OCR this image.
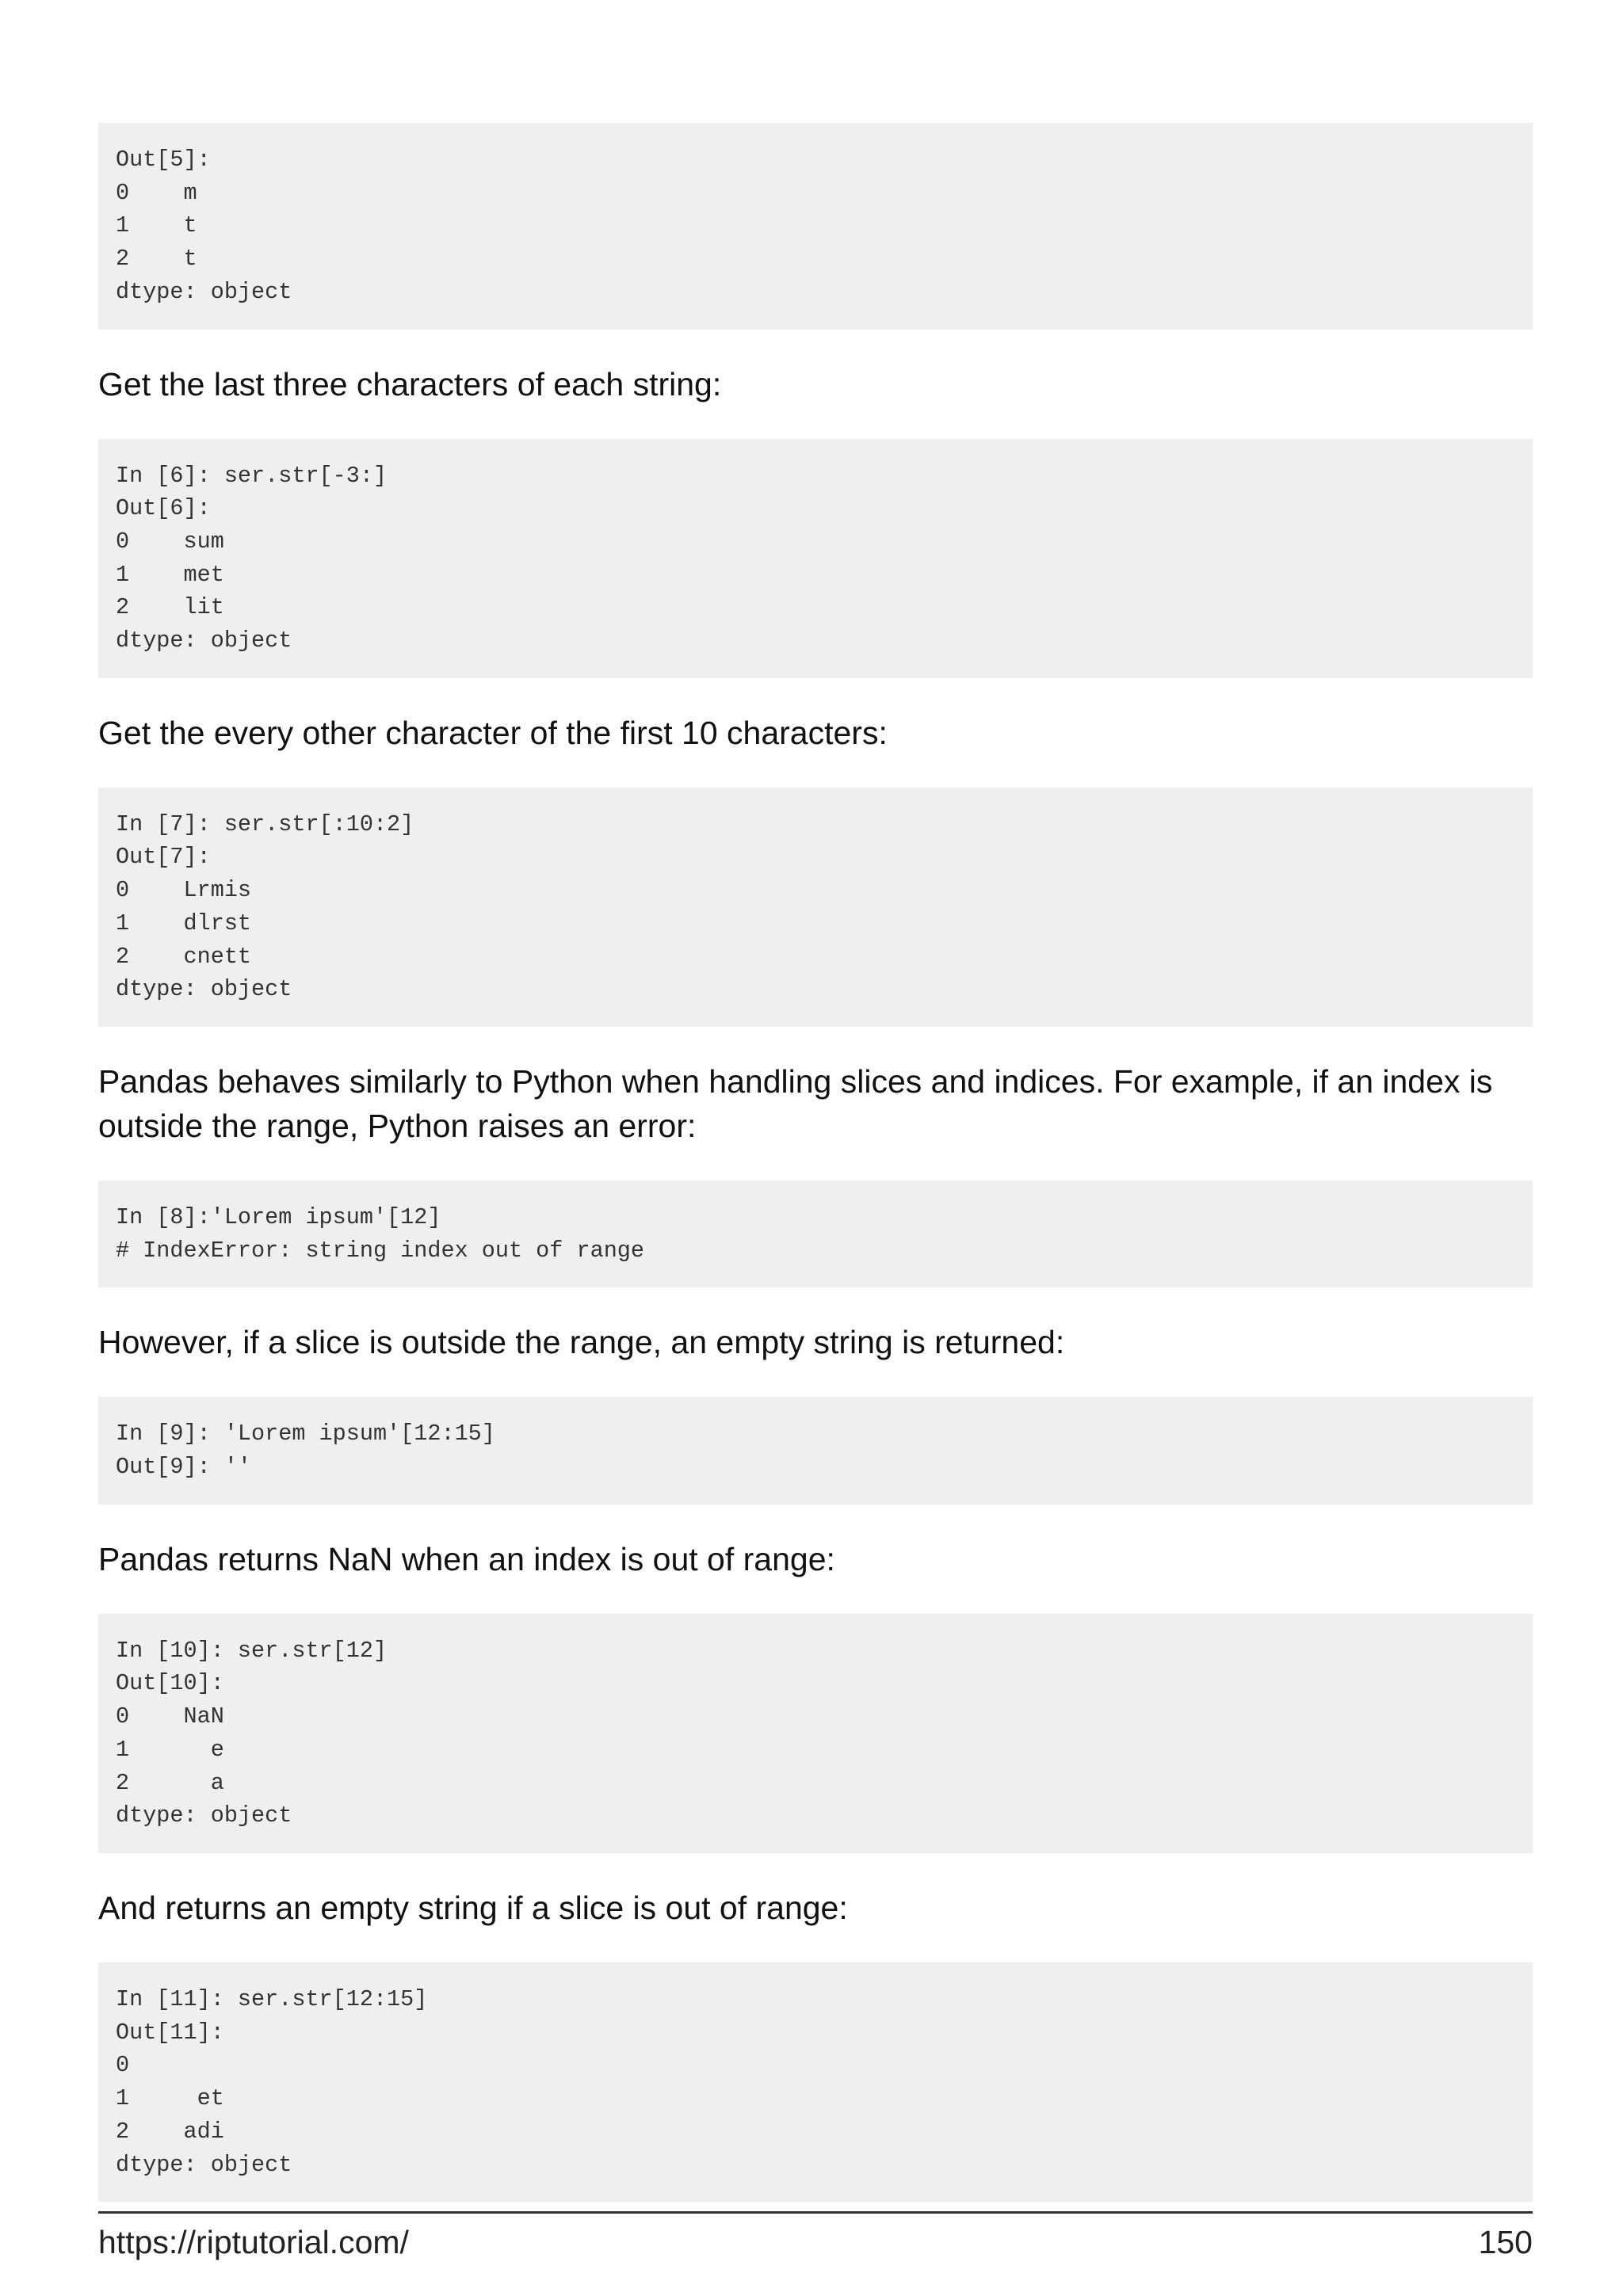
Out[5]:
0    m
1    t
2    t
dtype: object

Get the last three characters of each string:

In [6]: ser.str[-3:]
Out[6]:
0    sum
1    met
2    lit
dtype: object

Get the every other character of the first 10 characters:

In [7]: ser.str[:10:2]
Out[7]:
0    Lrmis
1    dlrst
2    cnett
dtype: object

Pandas behaves similarly to Python when handling slices and indices. For example, if an index is outside the range, Python raises an error:

In [8]:'Lorem ipsum'[12]
# IndexError: string index out of range

However, if a slice is outside the range, an empty string is returned:

In [9]: 'Lorem ipsum'[12:15]
Out[9]: ''

Pandas returns NaN when an index is out of range:

In [10]: ser.str[12]
Out[10]:
0    NaN
1      e
2      a
dtype: object

And returns an empty string if a slice is out of range:

In [11]: ser.str[12:15]
Out[11]:
0
1     et
2    adi
dtype: object
https://riptutorial.com/	150
